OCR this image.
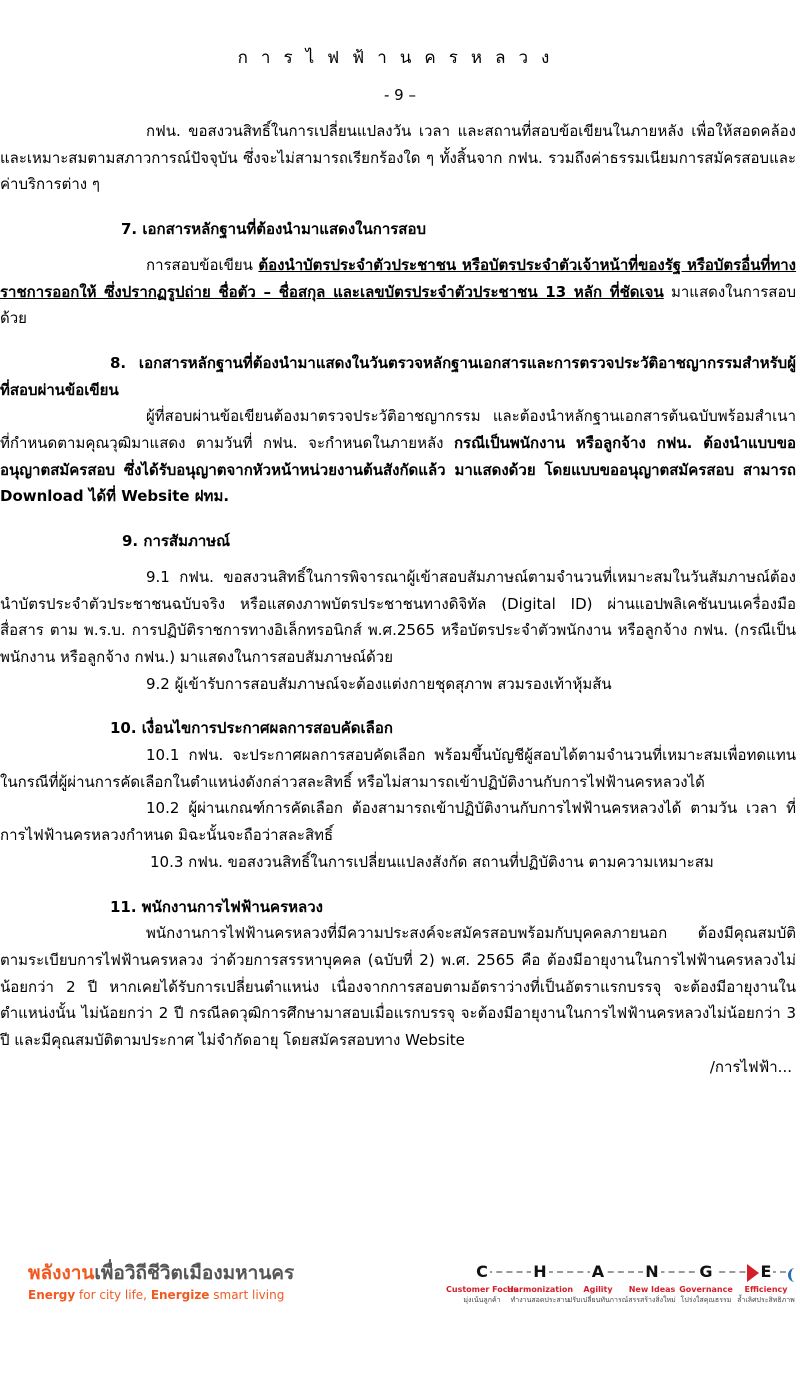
การไฟฟ้านครหลวง
- 9 –

กฟน. ขอสงวนสิทธิ์ในการเปลี่ยนแปลงวัน เวลา และสถานที่สอบข้อเขียนในภายหลัง เพื่อให้สอดคล้องและเหมาะสมตามสภาวการณ์ปัจจุบัน ซึ่งจะไม่สามารถเรียกร้องใด ๆ ทั้งสิ้นจาก กฟน. รวมถึงค่าธรรมเนียมการสมัครสอบและค่าบริการต่าง ๆ

7. เอกสารหลักฐานที่ต้องนำมาแสดงในการสอบ

การสอบข้อเขียน ต้องนำบัตรประจำตัวประชาชน หรือบัตรประจำตัวเจ้าหน้าที่ของรัฐ หรือบัตรอื่นที่ทางราชการออกให้ ซึ่งปรากฏรูปถ่าย ชื่อตัว – ชื่อสกุล และเลขบัตรประจำตัวประชาชน 13 หลัก ที่ชัดเจน มาแสดงในการสอบด้วย

8. เอกสารหลักฐานที่ต้องนำมาแสดงในวันตรวจหลักฐานเอกสารและการตรวจประวัติอาชญากรรมสำหรับผู้ที่สอบผ่านข้อเขียน

ผู้ที่สอบผ่านข้อเขียนต้องมาตรวจประวัติอาชญากรรม และต้องนำหลักฐานเอกสารต้นฉบับพร้อมสำเนาที่กำหนดตามคุณวุฒิมาแสดง ตามวันที่ กฟน. จะกำหนดในภายหลัง กรณีเป็นพนักงาน หรือลูกจ้าง กฟน. ต้องนำแบบขออนุญาตสมัครสอบ ซึ่งได้รับอนุญาตจากหัวหน้าหน่วยงานต้นสังกัดแล้ว มาแสดงด้วย โดยแบบขออนุญาตสมัครสอบ สามารถ Download ได้ที่ Website ฝทม.

9. การสัมภาษณ์

9.1 กฟน. ขอสงวนสิทธิ์ในการพิจารณาผู้เข้าสอบสัมภาษณ์ตามจำนวนที่เหมาะสมในวันสัมภาษณ์ต้องนำบัตรประจำตัวประชาชนฉบับจริง หรือแสดงภาพบัตรประชาชนทางดิจิทัล (Digital ID) ผ่านแอปพลิเคชันบนเครื่องมือสื่อสาร ตาม พ.ร.บ. การปฏิบัติราชการทางอิเล็กทรอนิกส์ พ.ศ.2565 หรือบัตรประจำตัวพนักงาน หรือลูกจ้าง กฟน. (กรณีเป็นพนักงาน หรือลูกจ้าง กฟน.) มาแสดงในการสอบสัมภาษณ์ด้วย

9.2 ผู้เข้ารับการสอบสัมภาษณ์จะต้องแต่งกายชุดสุภาพ สวมรองเท้าหุ้มส้น

10. เงื่อนไขการประกาศผลการสอบคัดเลือก

10.1 กฟน. จะประกาศผลการสอบคัดเลือก พร้อมขึ้นบัญชีผู้สอบได้ตามจำนวนที่เหมาะสมเพื่อทดแทนในกรณีที่ผู้ผ่านการคัดเลือกในตำแหน่งดังกล่าวสละสิทธิ์ หรือไม่สามารถเข้าปฏิบัติงานกับการไฟฟ้านครหลวงได้

10.2 ผู้ผ่านเกณฑ์การคัดเลือก ต้องสามารถเข้าปฏิบัติงานกับการไฟฟ้านครหลวงได้ ตามวัน เวลา ที่การไฟฟ้านครหลวงกำหนด มิฉะนั้นจะถือว่าสละสิทธิ์

10.3 กฟน. ขอสงวนสิทธิ์ในการเปลี่ยนแปลงสังกัด สถานที่ปฏิบัติงาน ตามความเหมาะสม

11. พนักงานการไฟฟ้านครหลวง

พนักงานการไฟฟ้านครหลวงที่มีความประสงค์จะสมัครสอบพร้อมกับบุคคลภายนอก ต้องมีคุณสมบัติตามระเบียบการไฟฟ้านครหลวง ว่าด้วยการสรรหาบุคคล (ฉบับที่ 2) พ.ศ. 2565 คือ ต้องมีอายุงานในการไฟฟ้านครหลวงไม่น้อยกว่า 2 ปี หากเคยได้รับการเปลี่ยนตำแหน่ง เนื่องจากการสอบตามอัตราว่างที่เป็นอัตราแรกบรรจุ จะต้องมีอายุงานในตำแหน่งนั้น ไม่น้อยกว่า 2 ปี กรณีลดวุฒิการศึกษามาสอบเมื่อแรกบรรจุ จะต้องมีอายุงานในการไฟฟ้านครหลวงไม่น้อยกว่า 3 ปี และมีคุณสมบัติตามประกาศ ไม่จำกัดอายุ โดยสมัครสอบทาง Website

/การไฟฟ้า...

พลังงานเพื่อวิถีชีวิตเมืองมหานคร
Energy for city life, Energize smart living
C	H	A	N	G	E
Customer Focus
Harmonization	Agility	New Ideas Governance	Efficiency
มุ่งเน้นลูกค้า	ทำงานสอดประสาน
ปรับเปลี่ยนทันการณ์ สรรสร้างสิ่งใหม่ โปร่งใสคุณธรรม ล้ำเลิศประสิทธิภาพ
